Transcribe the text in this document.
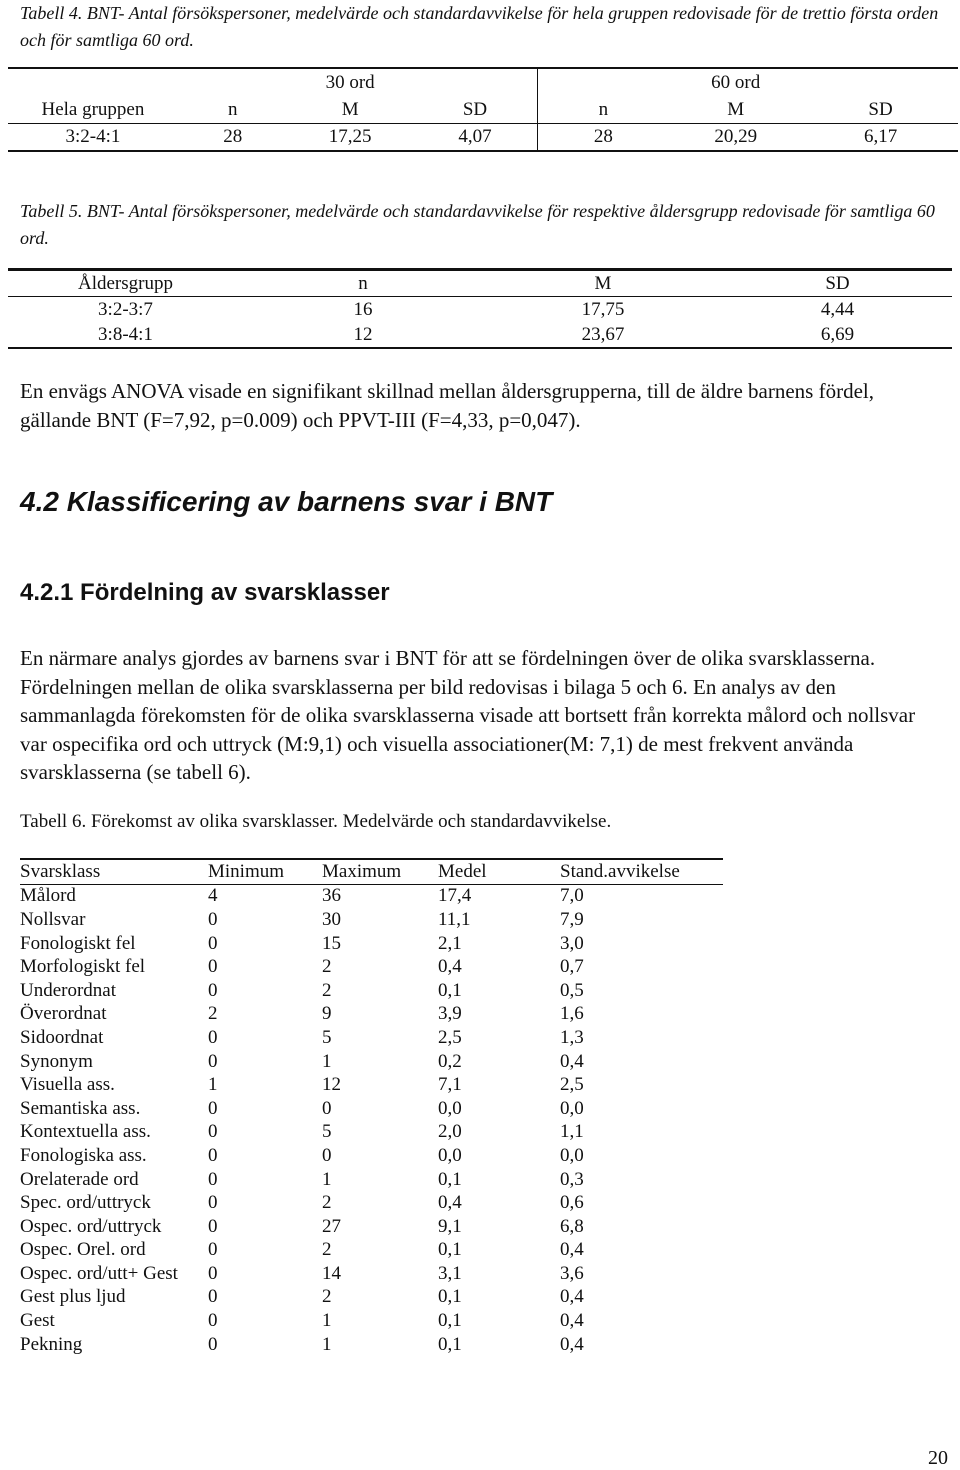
Tabell 4. BNT- Antal försökspersoner, medelvärde och standardavvikelse för hela gruppen redovisade för de trettio första orden och för samtliga 60 ord.
		30 ord			60 ord	
Hela gruppen	n	M	SD	n	M	SD
3:2-4:1	28	17,25	4,07	28	20,29	6,17
Tabell 5. BNT- Antal försökspersoner, medelvärde och standardavvikelse för respektive åldersgrupp redovisade för samtliga 60 ord.
Åldersgrupp	n	M	SD
3:2-3:7	16	17,75	4,44
3:8-4:1	12	23,67	6,69
En envägs ANOVA visade en signifikant skillnad mellan åldersgrupperna, till de äldre barnens fördel, gällande BNT (F=7,92, p=0.009) och PPVT-III (F=4,33, p=0,047).
4.2 Klassificering av barnens svar i BNT
4.2.1 Fördelning av svarsklasser
En närmare analys gjordes av barnens svar i BNT för att se fördelningen över de olika svarsklasserna. Fördelningen mellan de olika svarsklasserna per bild redovisas i bilaga 5 och 6. En analys av den sammanlagda förekomsten för de olika svarsklasserna visade att bortsett från korrekta målord och nollsvar var ospecifika ord och uttryck (M:9,1) och visuella associationer(M: 7,1) de mest frekvent använda svarsklasserna (se tabell 6).
Tabell 6. Förekomst av olika svarsklasser. Medelvärde och standardavvikelse.
Svarsklass	Minimum	Maximum	Medel	Stand.avvikelse
Målord	4	36	17,4	7,0
Nollsvar	0	30	11,1	7,9
Fonologiskt fel	0	15	2,1	3,0
Morfologiskt fel	0	2	0,4	0,7
Underordnat	0	2	0,1	0,5
Överordnat	2	9	3,9	1,6
Sidoordnat	0	5	2,5	1,3
Synonym	0	1	0,2	0,4
Visuella ass.	1	12	7,1	2,5
Semantiska ass.	0	0	0,0	0,0
Kontextuella ass.	0	5	2,0	1,1
Fonologiska ass.	0	0	0,0	0,0
Orelaterade ord	0	1	0,1	0,3
Spec. ord/uttryck	0	2	0,4	0,6
Ospec. ord/uttryck	0	27	9,1	6,8
Ospec. Orel. ord	0	2	0,1	0,4
Ospec. ord/utt+ Gest	0	14	3,1	3,6
Gest plus ljud	0	2	0,1	0,4
Gest	0	1	0,1	0,4
Pekning	0	1	0,1	0,4
20
